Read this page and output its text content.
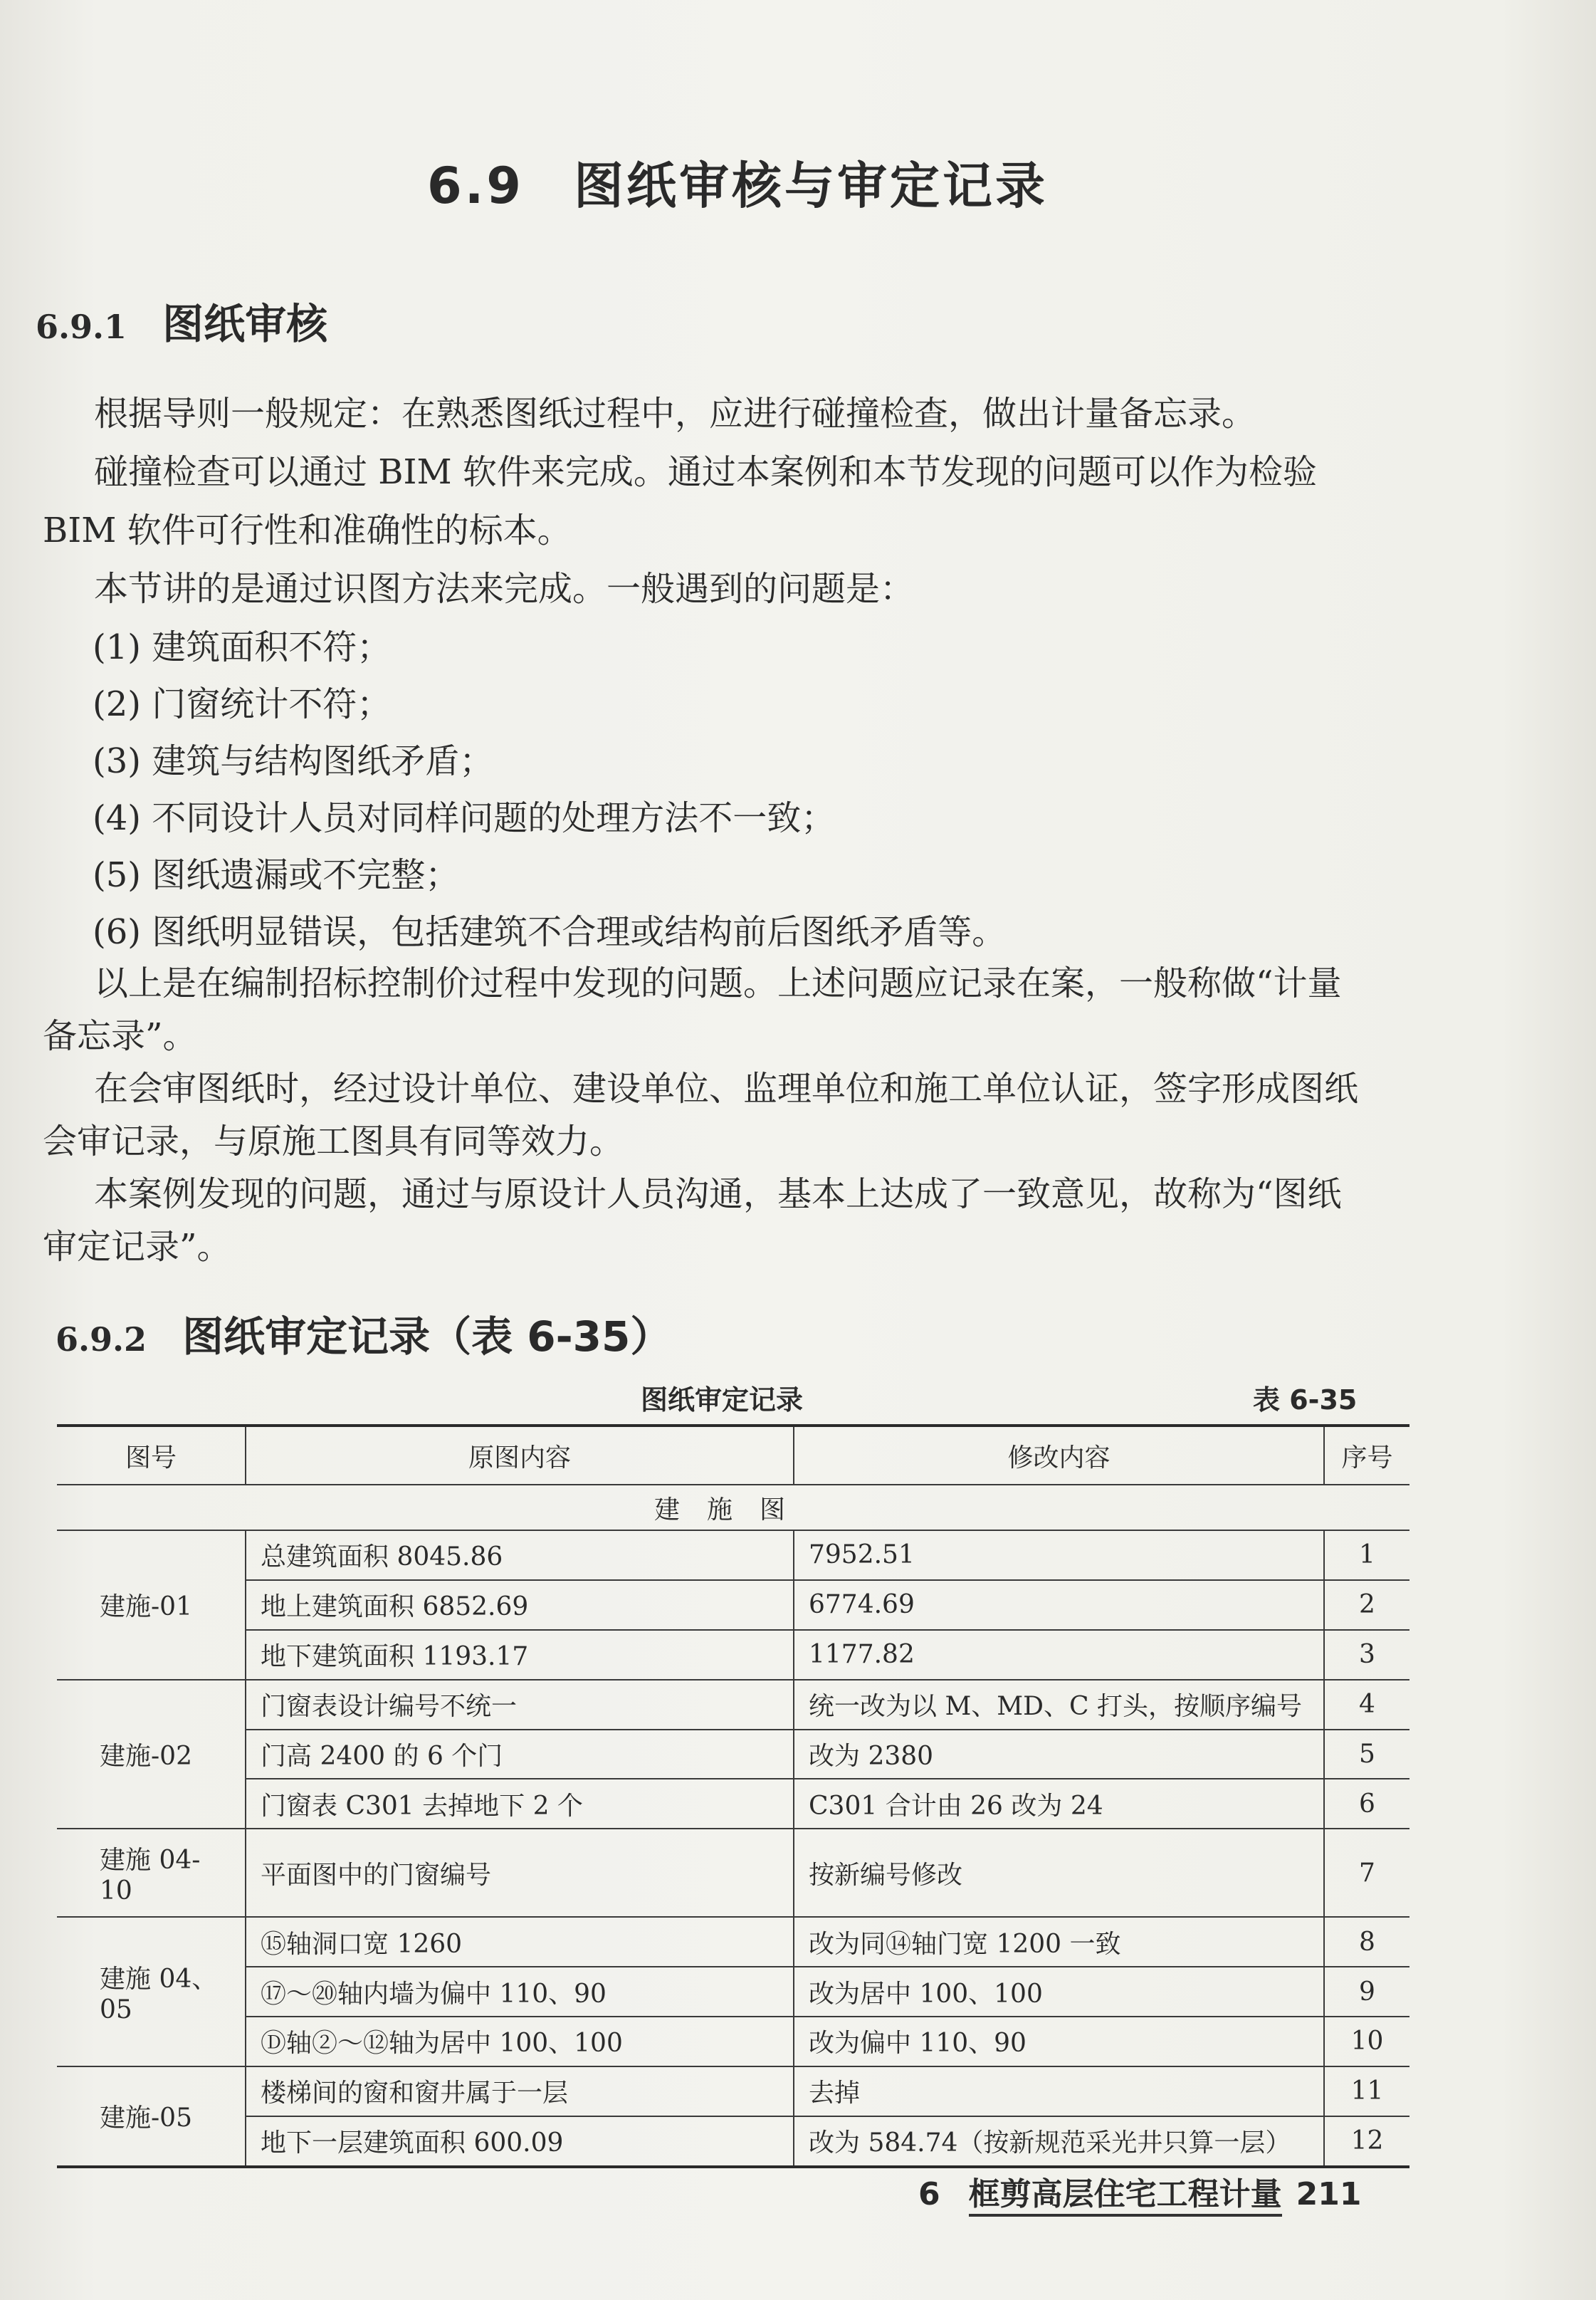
6.9 图纸审核与审定记录
6.9.1 图纸审核
根据导则一般规定：在熟悉图纸过程中，应进行碰撞检查，做出计量备忘录。
碰撞检查可以通过 BIM 软件来完成。通过本案例和本节发现的问题可以作为检验
BIM 软件可行性和准确性的标本。
本节讲的是通过识图方法来完成。一般遇到的问题是：
(1) 建筑面积不符；
(2) 门窗统计不符；
(3) 建筑与结构图纸矛盾；
(4) 不同设计人员对同样问题的处理方法不一致；
(5) 图纸遗漏或不完整；
(6) 图纸明显错误，包括建筑不合理或结构前后图纸矛盾等。
以上是在编制招标控制价过程中发现的问题。上述问题应记录在案，一般称做“计量
备忘录”。
在会审图纸时，经过设计单位、建设单位、监理单位和施工单位认证，签字形成图纸
会审记录，与原施工图具有同等效力。
本案例发现的问题，通过与原设计人员沟通，基本上达成了一致意见，故称为“图纸
审定记录”。
6.9.2 图纸审定记录（表 6-35）
图纸审定记录	表 6-35
图号	原图内容	修改内容	序号
建施图			
建施-01	总建筑面积 8045.86	7952.51	1
	地上建筑面积 6852.69	6774.69	2
	地下建筑面积 1193.17	1177.82	3
建施-02	门窗表设计编号不统一	统一改为以 M、MD、C 打头，按顺序编号	4
	门高 2400 的 6 个门	改为 2380	5
	门窗表 C301 去掉地下 2 个	C301 合计由 26 改为 24	6
建施 04-10	平面图中的门窗编号	按新编号修改	7
建施 04、05	⑮轴洞口宽 1260	改为同⑭轴门宽 1200 一致	8
	⑰～⑳轴内墙为偏中 110、90	改为居中 100、100	9
	Ⓓ轴②～⑫轴为居中 100、100	改为偏中 110、90	10
建施-05	楼梯间的窗和窗井属于一层	去掉	11
	地下一层建筑面积 600.09	改为 584.74（按新规范采光井只算一层）	12
6 框剪高层住宅工程计量 211
